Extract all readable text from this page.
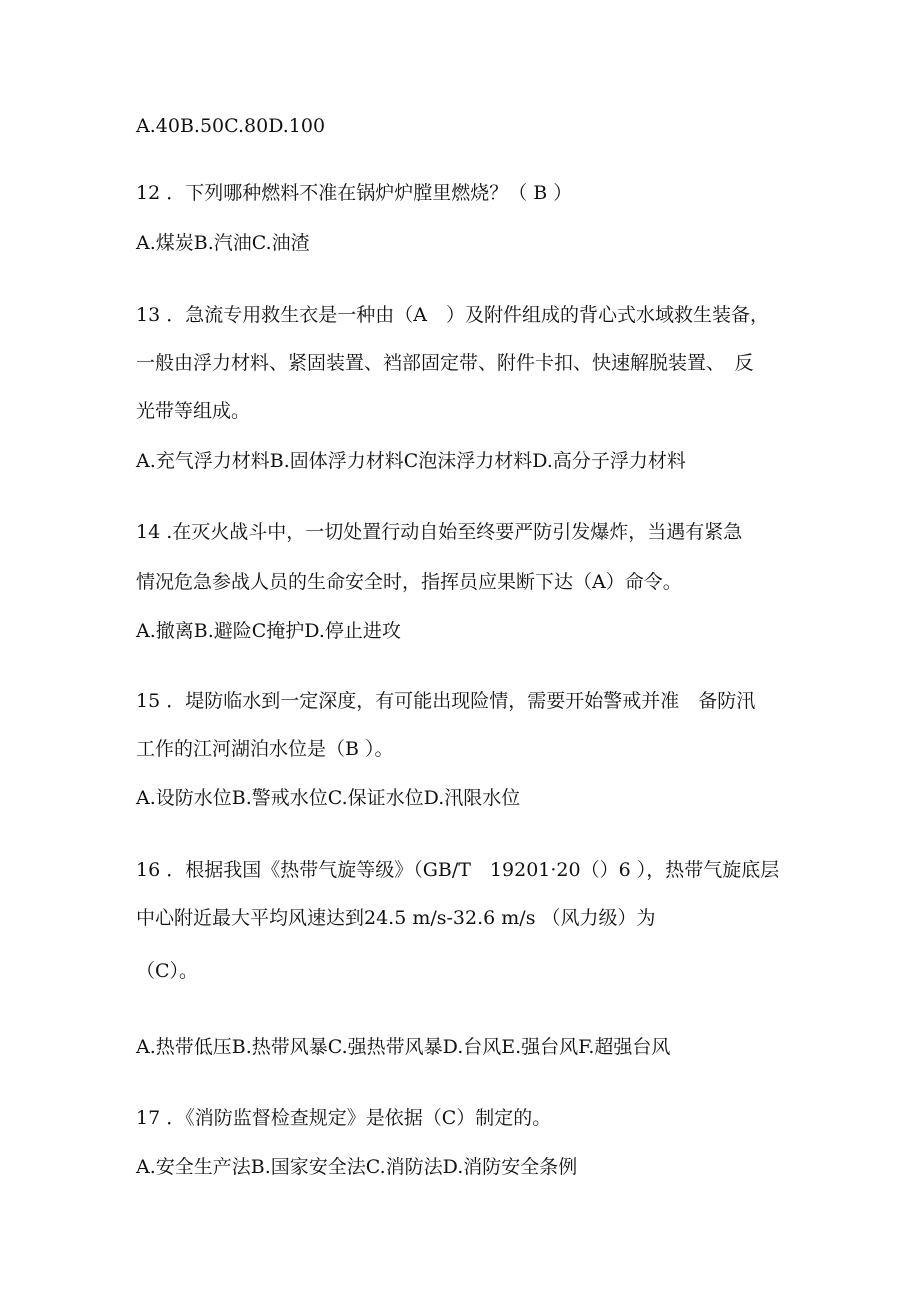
A.40B.50C.80D.100
12 ．下列哪种燃料不准在锅炉炉膛里燃烧？（ B ）
A.煤炭B.汽油C.油渣
13 ．急流专用救生衣是一种由（A　）及附件组成的背心式水域救生装备，
一般由浮力材料、紧固装置、裆部固定带、附件卡扣、快速解脱装置、　反
光带等组成。
A.充气浮力材料B.固体浮力材料C泡沫浮力材料D.高分子浮力材料
14 .在灭火战斗中，一切处置行动自始至终要严防引发爆炸，当遇有紧急
情况危急参战人员的生命安全时，指挥员应果断下达（A）命令。
A.撤离B.避险C掩护D.停止进攻
15 ．堤防临水到一定深度，有可能出现险情，需要开始警戒并准　备防汛
工作的江河湖泊水位是（B ）。
A.设防水位B.警戒水位C.保证水位D.汛限水位
16 ．根据我国《热带气旋等级》（GB/T　19201·20（）6 ），热带气旋底层
中心附近最大平均风速达到24.5 m/s-32.6 m/s （风力级）为
（C）。
A.热带低压B.热带风暴C.强热带风暴D.台风E.强台风F.超强台风
17 ．《消防监督检查规定》是依据（C）制定的。
A.安全生产法B.国家安全法C.消防法D.消防安全条例
